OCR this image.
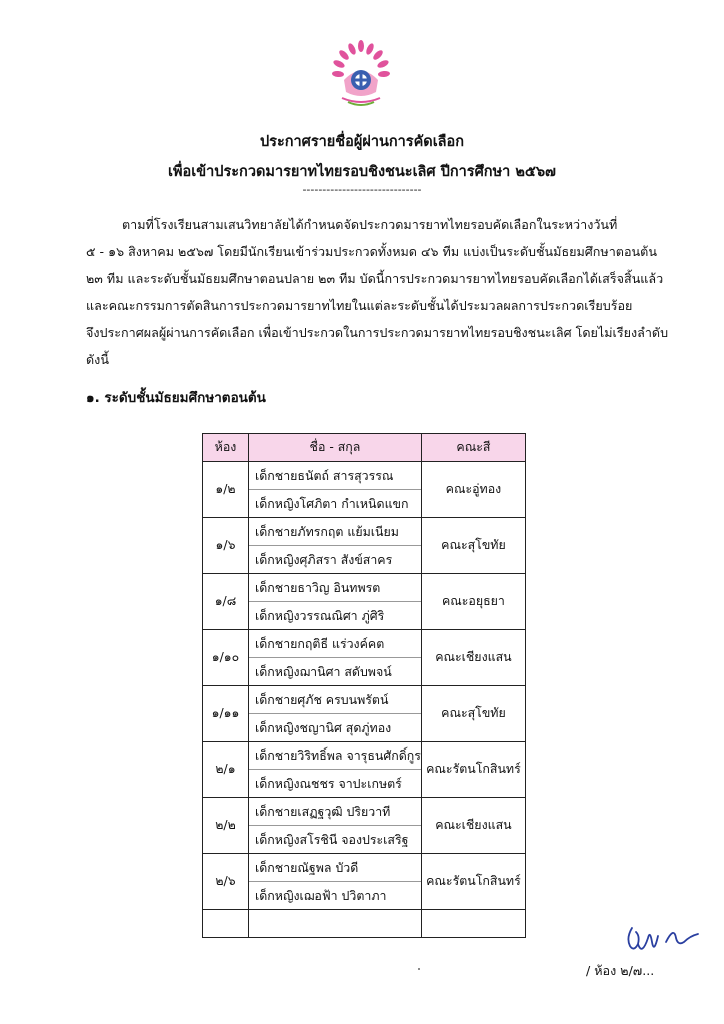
ประกาศรายชื่อผู้ผ่านการคัดเลือก
เพื่อเข้าประกวดมารยาทไทยรอบชิงชนะเลิศ ปีการศึกษา ๒๕๖๗
------------------------------

ตามที่โรงเรียนสามเสนวิทยาลัยได้กำหนดจัดประกวดมารยาทไทยรอบคัดเลือกในระหว่างวันที่
๕ - ๑๖ สิงหาคม ๒๕๖๗ โดยมีนักเรียนเข้าร่วมประกวดทั้งหมด ๔๖ ทีม แบ่งเป็นระดับชั้นมัธยมศึกษาตอนต้น
๒๓ ทีม และระดับชั้นมัธยมศึกษาตอนปลาย ๒๓ ทีม บัดนี้การประกวดมารยาทไทยรอบคัดเลือกได้เสร็จสิ้นแล้ว
และคณะกรรมการตัดสินการประกวดมารยาทไทยในแต่ละระดับชั้นได้ประมวลผลการประกวดเรียบร้อย
จึงประกาศผลผู้ผ่านการคัดเลือก เพื่อเข้าประกวดในการประกวดมารยาทไทยรอบชิงชนะเลิศ โดยไม่เรียงลำดับ
ดังนี้

๑. ระดับชั้นมัธยมศึกษาตอนต้น
ห้อง	ชื่อ - สกุล	คณะสี
๑/๒	เด็กชายธนัตถ์ สารสุวรรณ
เด็กหญิงโศภิตา กำเหนิดแขก	คณะอู่ทอง
๑/๖	เด็กชายภัทรกฤต แย้มเนียม
เด็กหญิงศุภิสรา สังข์สาคร	คณะสุโขทัย
๑/๘	เด็กชายธาวิญ อินทพรต
เด็กหญิงวรรณณิศา ภู่ศิริ	คณะอยุธยา
๑/๑๐	เด็กชายกฤติธี แร่วงค์คต
เด็กหญิงฌานิศา สดับพจน์	คณะเชียงแสน
๑/๑๑	เด็กชายศุภัช ครบนพรัตน์
เด็กหญิงชญานิศ สุดภู่ทอง	คณะสุโขทัย
๒/๑	เด็กชายวิริทธิ์พล จารุธนศักดิ์กูร
เด็กหญิงณชชร จาปะเกษตร์	คณะรัตนโกสินทร์
๒/๒	เด็กชายเสฏฐวุฒิ ปริยวาที
เด็กหญิงสโรชินี จองประเสริฐ	คณะเชียงแสน
๒/๖	เด็กชายณัฐพล บัวดี
เด็กหญิงเฌอฟ้า ปวิตาภา	คณะรัตนโกสินทร์

/ ห้อง ๒/๗...
